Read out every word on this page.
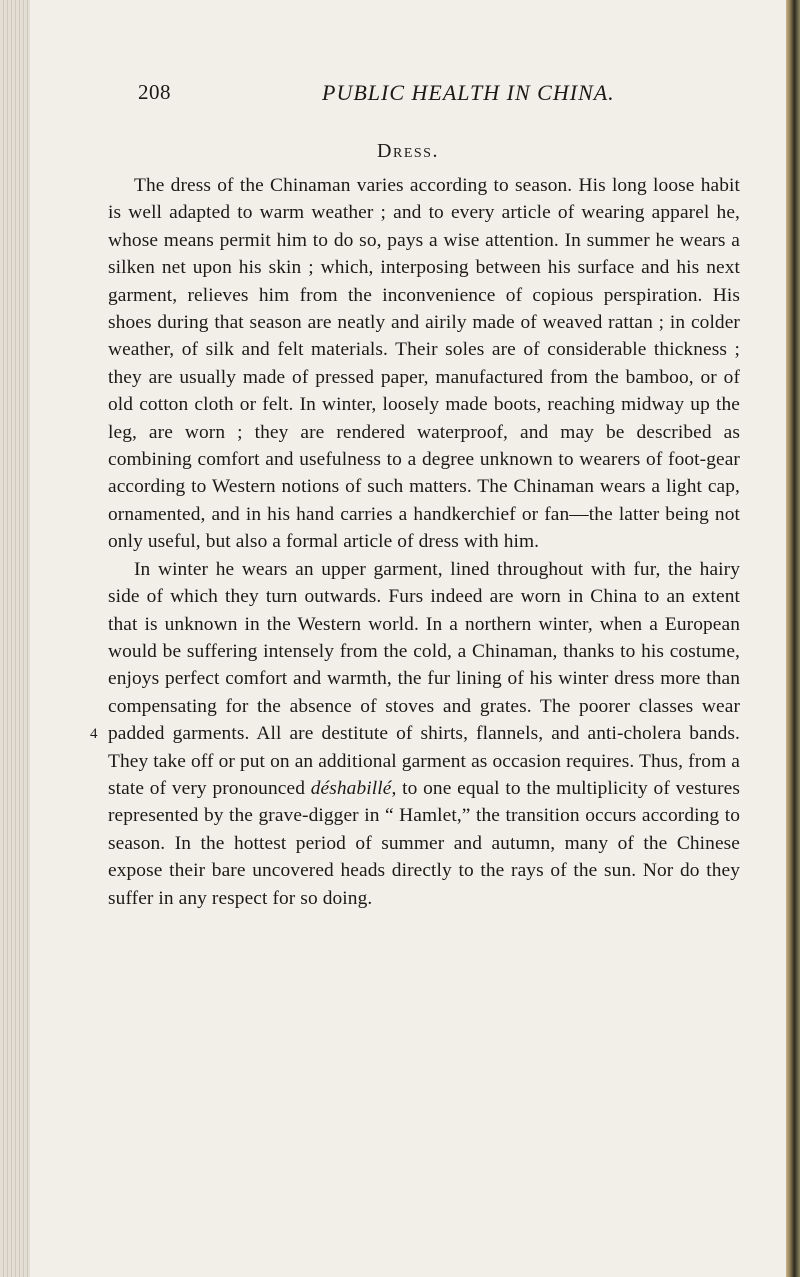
208	PUBLIC HEALTH IN CHINA.
Dress.
4

The dress of the Chinaman varies according to season. His long loose habit is well adapted to warm weather ; and to every article of wearing apparel he, whose means permit him to do so, pays a wise attention. In summer he wears a silken net upon his skin ; which, interposing between his surface and his next garment, relieves him from the inconvenience of copious perspiration. His shoes during that season are neatly and airily made of weaved rattan ; in colder weather, of silk and felt materials. Their soles are of considerable thickness ; they are usually made of pressed paper, manufactured from the bamboo, or of old cotton cloth or felt. In winter, loosely made boots, reaching midway up the leg, are worn ; they are rendered waterproof, and may be described as combining comfort and usefulness to a degree unknown to wearers of foot-gear according to Western notions of such matters. The Chinaman wears a light cap, ornamented, and in his hand carries a handkerchief or fan—the latter being not only useful, but also a formal article of dress with him.

In winter he wears an upper garment, lined throughout with fur, the hairy side of which they turn outwards. Furs indeed are worn in China to an extent that is unknown in the Western world. In a northern winter, when a European would be suffering intensely from the cold, a Chinaman, thanks to his costume, enjoys perfect comfort and warmth, the fur lining of his winter dress more than compensating for the absence of stoves and grates. The poorer classes wear padded garments. All are destitute of shirts, flannels, and anti-cholera bands. They take off or put on an additional garment as occasion requires. Thus, from a state of very pronounced déshabillé, to one equal to the multiplicity of vestures represented by the grave-digger in “ Hamlet,” the transition occurs according to season. In the hottest period of summer and autumn, many of the Chinese expose their bare uncovered heads directly to the rays of the sun. Nor do they suffer in any respect for so doing.
